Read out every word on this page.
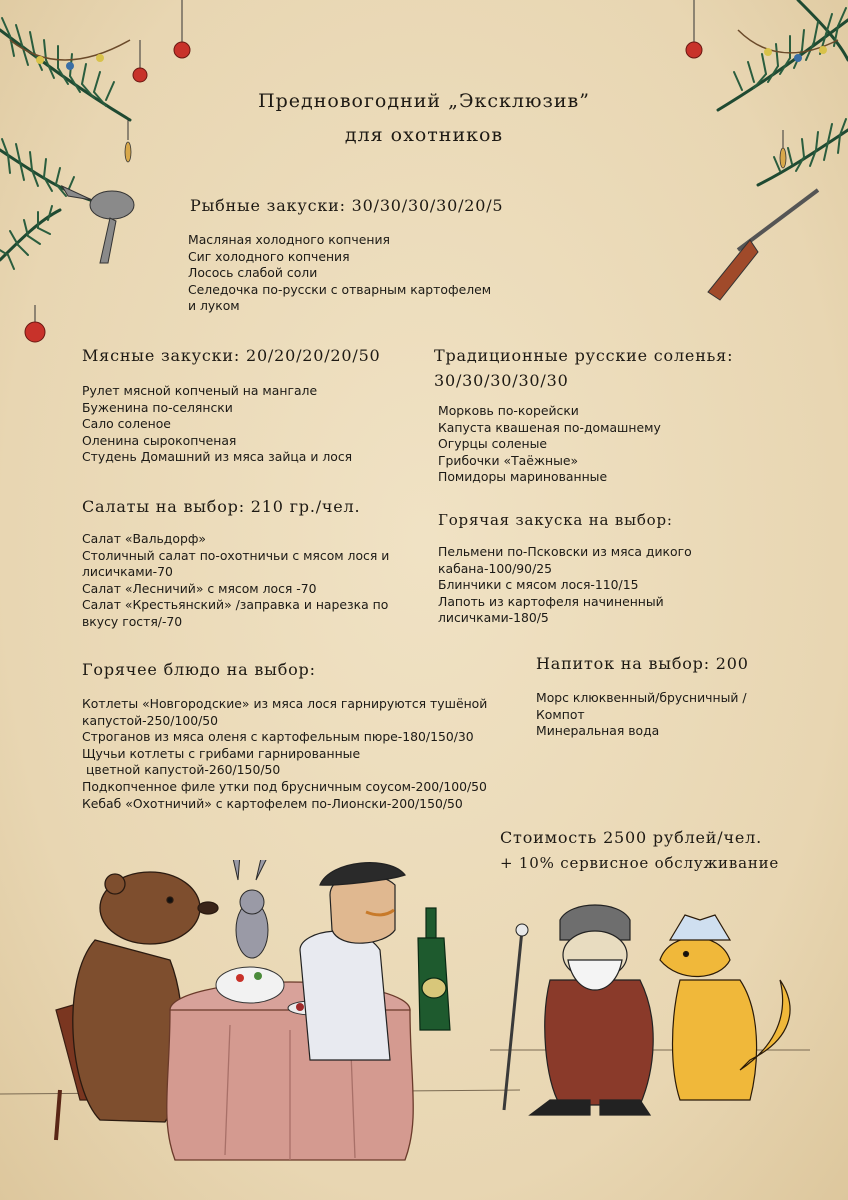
Предновогодний „Эксклюзив”
для охотников
Рыбные закуски: 30/30/30/30/20/5
Масляная холодного копчения
Сиг холодного копчения
Лосось слабой соли
Селедочка по-русски с отварным картофелем
и луком
Мясные закуски: 20/20/20/20/50
Рулет мясной копченый на мангале
Буженина по-селянски
Сало соленое
Оленина сырокопченая
Студень Домашний из мяса зайца и лося
Традиционные русские соленья:
30/30/30/30/30
Морковь по-корейски
Капуста квашеная по-домашнему
Огурцы соленые
Грибочки «Таёжные»
Помидоры маринованные
Салаты на выбор: 210 гр./чел.
Салат «Вальдорф»
Столичный салат по-охотничьи с мясом лося и
лисичками-70
Салат «Лесничий» с мясом лося -70
Салат «Крестьянский» /заправка и нарезка по
вкусу гостя/-70
Горячая закуска на выбор:
Пельмени по-Псковски из мяса дикого
кабана-100/90/25
Блинчики с мясом лося-110/15
Лапоть из картофеля начиненный
лисичками-180/5
Горячее блюдо на выбор:
Котлеты «Новгородские» из мяса лося гарнируются тушёной
капустой-250/100/50
Строганов из мяса оленя с картофельным пюре-180/150/30
Щучьи котлеты с грибами гарнированные
цветной капустой-260/150/50
Подкопченное филе утки под брусничным соусом-200/100/50
Кебаб «Охотничий» с картофелем по-Лионски-200/150/50
Напиток на выбор: 200
Морс клюквенный/брусничный /
Компот
Минеральная вода
Стоимость 2500 рублей/чел.
+ 10% сервисное обслуживание
